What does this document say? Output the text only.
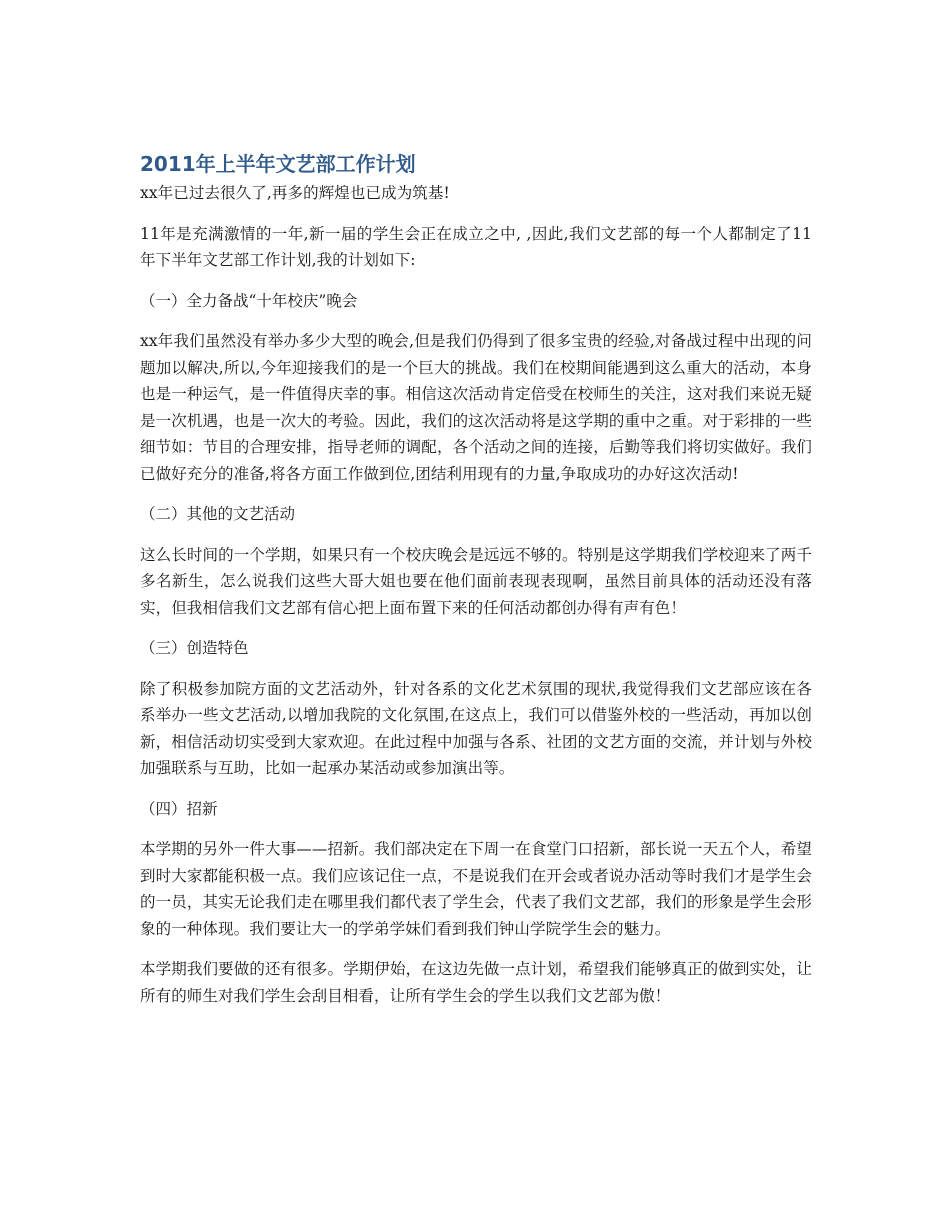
2011年上半年文艺部工作计划

xx年已过去很久了,再多的辉煌也已成为筑基!

11年是充满激情的一年,新一届的学生会正在成立之中, ,因此,我们文艺部的每一个人都制定了11年下半年文艺部工作计划,我的计划如下:

（一）全力备战“十年校庆”晚会

xx年我们虽然没有举办多少大型的晚会,但是我们仍得到了很多宝贵的经验,对备战过程中出现的问题加以解决,所以,今年迎接我们的是一个巨大的挑战。我们在校期间能遇到这么重大的活动，本身也是一种运气，是一件值得庆幸的事。相信这次活动肯定倍受在校师生的关注，这对我们来说无疑是一次机遇，也是一次大的考验。因此，我们的这次活动将是这学期的重中之重。对于彩排的一些细节如：节目的合理安排，指导老师的调配，各个活动之间的连接，后勤等我们将切实做好。我们已做好充分的准备,将各方面工作做到位,团结利用现有的力量,争取成功的办好这次活动!

（二）其他的文艺活动

这么长时间的一个学期，如果只有一个校庆晚会是远远不够的。特别是这学期我们学校迎来了两千多名新生，怎么说我们这些大哥大姐也要在他们面前表现表现啊，虽然目前具体的活动还没有落实，但我相信我们文艺部有信心把上面布置下来的任何活动都创办得有声有色！

（三）创造特色

除了积极参加院方面的文艺活动外，针对各系的文化艺术氛围的现状,我觉得我们文艺部应该在各系举办一些文艺活动,以增加我院的文化氛围,在这点上，我们可以借鉴外校的一些活动，再加以创新，相信活动切实受到大家欢迎。在此过程中加强与各系、社团的文艺方面的交流，并计划与外校加强联系与互助，比如一起承办某活动或参加演出等。

（四）招新

本学期的另外一件大事——招新。我们部决定在下周一在食堂门口招新，部长说一天五个人，希望到时大家都能积极一点。我们应该记住一点，不是说我们在开会或者说办活动等时我们才是学生会的一员，其实无论我们走在哪里我们都代表了学生会，代表了我们文艺部，我们的形象是学生会形象的一种体现。我们要让大一的学弟学妹们看到我们钟山学院学生会的魅力。

本学期我们要做的还有很多。学期伊始，在这边先做一点计划，希望我们能够真正的做到实处，让所有的师生对我们学生会刮目相看，让所有学生会的学生以我们文艺部为傲！
